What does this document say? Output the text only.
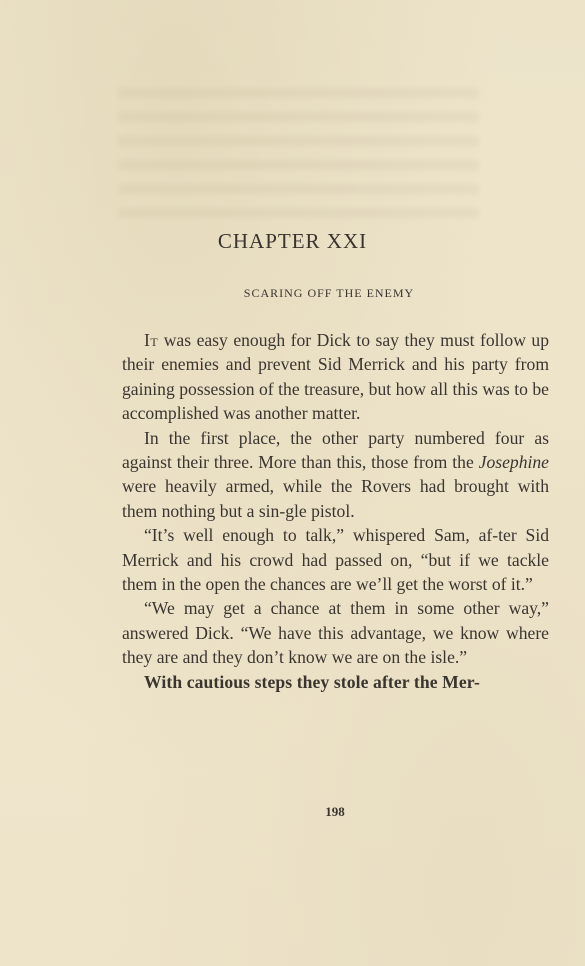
CHAPTER XXI
SCARING OFF THE ENEMY

It was easy enough for Dick to say they must follow up their enemies and prevent Sid Merrick and his party from gaining possession of the treasure, but how all this was to be accomplished was another matter.

In the first place, the other party numbered four as against their three. More than this, those from the Josephine were heavily armed, while the Rovers had brought with them nothing but a sin-gle pistol.

“It’s well enough to talk,” whispered Sam, af-ter Sid Merrick and his crowd had passed on, “but if we tackle them in the open the chances are we’ll get the worst of it.”

“We may get a chance at them in some other way,” answered Dick. “We have this advantage, we know where they are and they don’t know we are on the isle.”

With cautious steps they stole after the Mer-

198
